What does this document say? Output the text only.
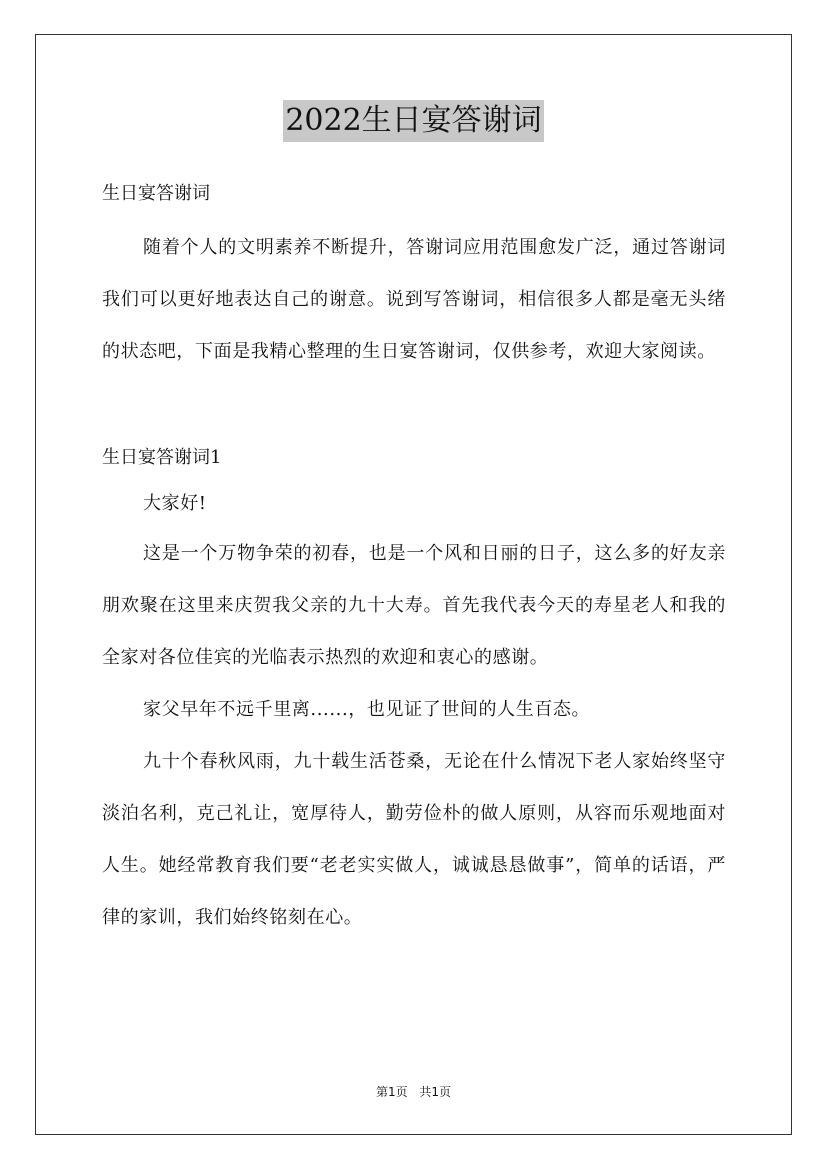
2022生日宴答谢词

生日宴答谢词

随着个人的文明素养不断提升，答谢词应用范围愈发广泛，通过答谢词我们可以更好地表达自己的谢意。说到写答谢词，相信很多人都是毫无头绪的状态吧，下面是我精心整理的生日宴答谢词，仅供参考，欢迎大家阅读。

生日宴答谢词1

大家好!

这是一个万物争荣的初春，也是一个风和日丽的日子，这么多的好友亲朋欢聚在这里来庆贺我父亲的九十大寿。首先我代表今天的寿星老人和我的全家对各位佳宾的光临表示热烈的欢迎和衷心的感谢。

家父早年不远千里离......，也见证了世间的人生百态。

九十个春秋风雨，九十载生活苍桑，无论在什么情况下老人家始终坚守 淡泊名利，克己礼让，宽厚待人，勤劳俭朴的做人原则，从容而乐观地面对人生。她经常教育我们要“老老实实做人，诚诚恳恳做事”，简单的话语，严律的家训，我们始终铭刻在心。

第1页 共1页
